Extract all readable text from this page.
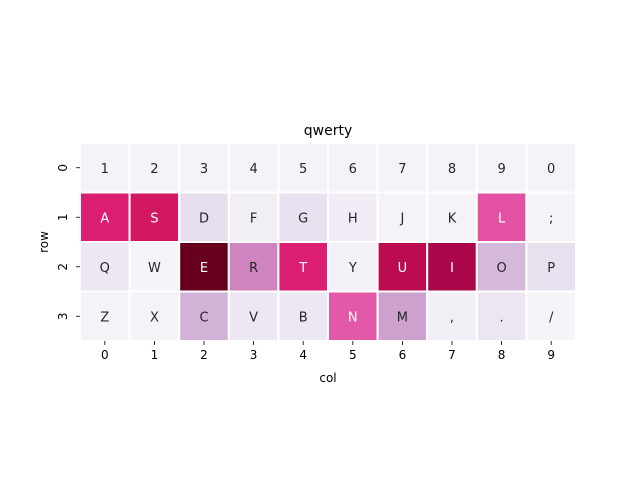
qwerty
1	2	3	4	5	6	7	8	9	0
A	S	D	F	G	H	J	K	L	;
Q	W	E	R	T	Y	U	I	O	P
Z	X	C	V	B	N	M	,	.	/
0	1	2	3	4	5	6	7	8	9
0
1
2
3
col
row
